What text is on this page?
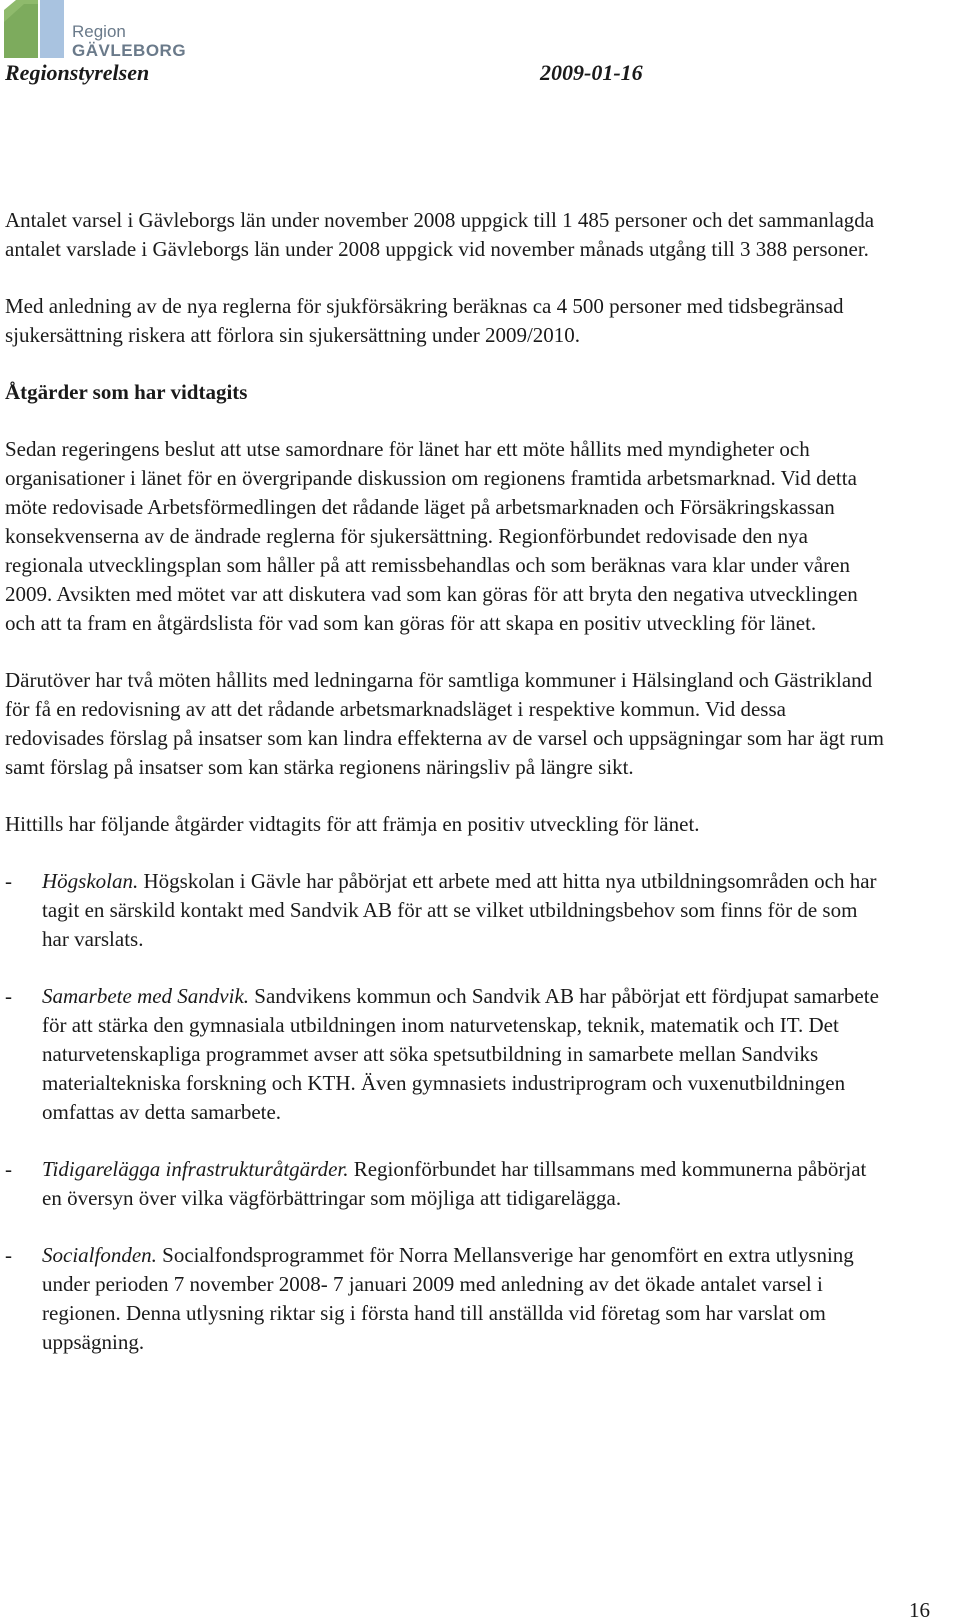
Region
GÄVLEBORG
Regionstyrelsen	2009-01-16

Antalet varsel i Gävleborgs län under november 2008 uppgick till 1 485 personer och det sammanlagda antalet varslade i Gävleborgs län under 2008 uppgick vid november månads utgång till 3 388 personer.

Med anledning av de nya reglerna för sjukförsäkring beräknas ca 4 500 personer med tidsbegränsad sjukersättning riskera att förlora sin sjukersättning under 2009/2010.

Åtgärder som har vidtagits

Sedan regeringens beslut att utse samordnare för länet har ett möte hållits med myndigheter och organisationer i länet för en övergripande diskussion om regionens framtida arbetsmarknad. Vid detta möte redovisade Arbetsförmedlingen det rådande läget på arbetsmarknaden och Försäkringskassan konsekvenserna av de ändrade reglerna för sjukersättning. Regionförbundet redovisade den nya regionala utvecklingsplan som håller på att remissbehandlas och som beräknas vara klar under våren 2009. Avsikten med mötet var att diskutera vad som kan göras för att bryta den negativa utvecklingen och att ta fram en åtgärdslista för vad som kan göras för att skapa en positiv utveckling för länet.

Därutöver har två möten hållits med ledningarna för samtliga kommuner i Hälsingland och Gästrikland för få en redovisning av att det rådande arbetsmarknadsläget i respektive kommun. Vid dessa redovisades förslag på insatser som kan lindra effekterna av de varsel och uppsägningar som har ägt rum samt förslag på insatser som kan stärka regionens näringsliv på längre sikt.

Hittills har följande åtgärder vidtagits för att främja en positiv utveckling för länet.

- Högskolan. Högskolan i Gävle har påbörjat ett arbete med att hitta nya utbildningsområden och har tagit en särskild kontakt med Sandvik AB för att se vilket utbildningsbehov som finns för de som har varslats.
- Samarbete med Sandvik. Sandvikens kommun och Sandvik AB har påbörjat ett fördjupat samarbete för att stärka den gymnasiala utbildningen inom naturvetenskap, teknik, matematik och IT. Det naturvetenskapliga programmet avser att söka spetsutbildning in samarbete mellan Sandviks materialtekniska forskning och KTH. Även gymnasiets industriprogram och vuxenutbildningen omfattas av detta samarbete.
- Tidigarelägga infrastrukturåtgärder. Regionförbundet har tillsammans med kommunerna påbörjat en översyn över vilka vägförbättringar som möjliga att tidigarelägga.
- Socialfonden. Socialfondsprogrammet för Norra Mellansverige har genomfört en extra utlysning under perioden 7 november 2008- 7 januari 2009 med anledning av det ökade antalet varsel i regionen. Denna utlysning riktar sig i första hand till anställda vid företag som har varslat om uppsägning.
16
